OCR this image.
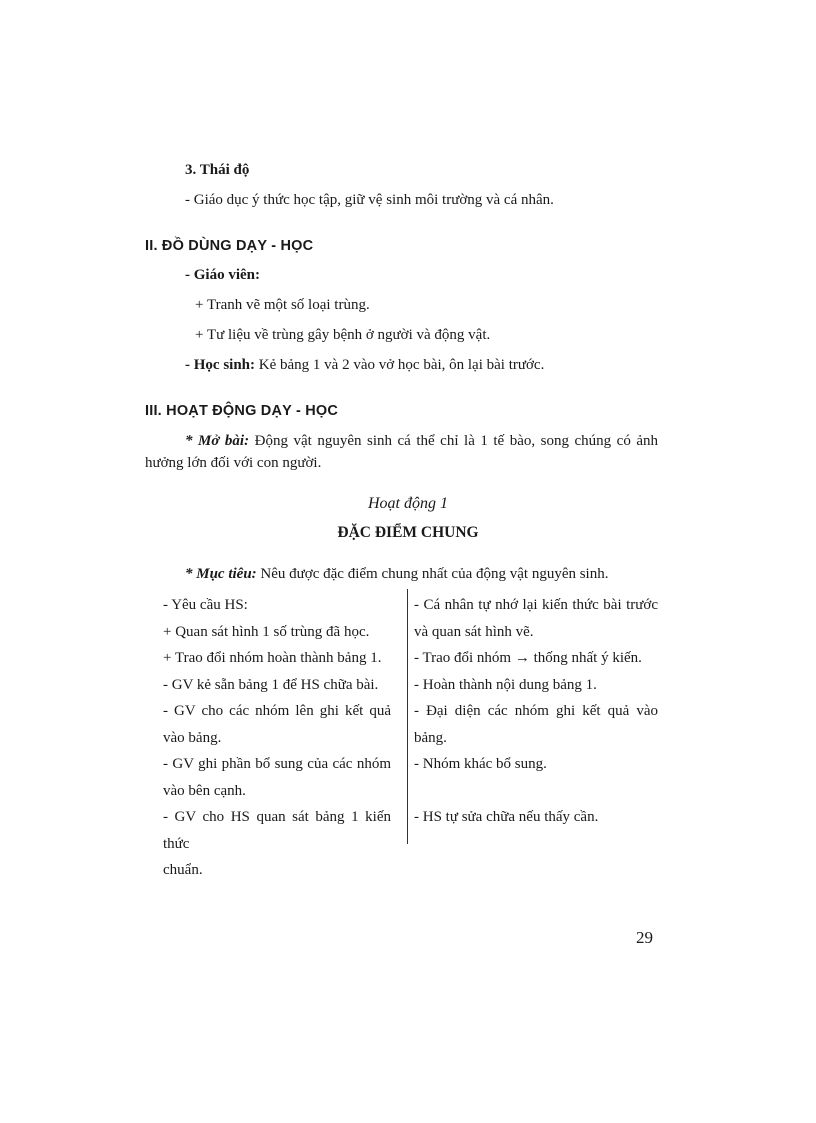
3. Thái độ
- Giáo dục ý thức học tập, giữ vệ sinh môi trường và cá nhân.
II. ĐỒ DÙNG DẠY - HỌC
- Giáo viên:
+ Tranh vẽ một số loại trùng.
+ Tư liệu về trùng gây bệnh ở người và động vật.
- Học sinh: Kẻ bảng 1 và 2 vào vở học bài, ôn lại bài trước.
III. HOẠT ĐỘNG DẠY - HỌC
* Mở bài: Động vật nguyên sinh cá thể chỉ là 1 tế bào, song chúng có ảnh
hưởng lớn đối với con người.
Hoạt động 1
ĐẶC ĐIỂM CHUNG
* Mục tiêu: Nêu được đặc điểm chung nhất của động vật nguyên sinh.
- Yêu cầu HS:
+ Quan sát hình 1 số trùng đã học.
+ Trao đổi nhóm hoàn thành bảng 1.
- GV kẻ sẵn bảng 1 để HS chữa bài.
- GV cho các nhóm lên ghi kết quả
vào bảng.
- GV ghi phần bổ sung của các nhóm
vào bên cạnh.
- GV cho HS quan sát bảng 1 kiến thức
chuẩn.
- Cá nhân tự nhớ lại kiến thức bài trước
và quan sát hình vẽ.
- Trao đổi nhóm → thống nhất ý kiến.
- Hoàn thành nội dung bảng 1.
- Đại diện các nhóm ghi kết quả vào
bảng.
- Nhóm khác bổ sung.
- HS tự sửa chữa nếu thấy cần.
29
